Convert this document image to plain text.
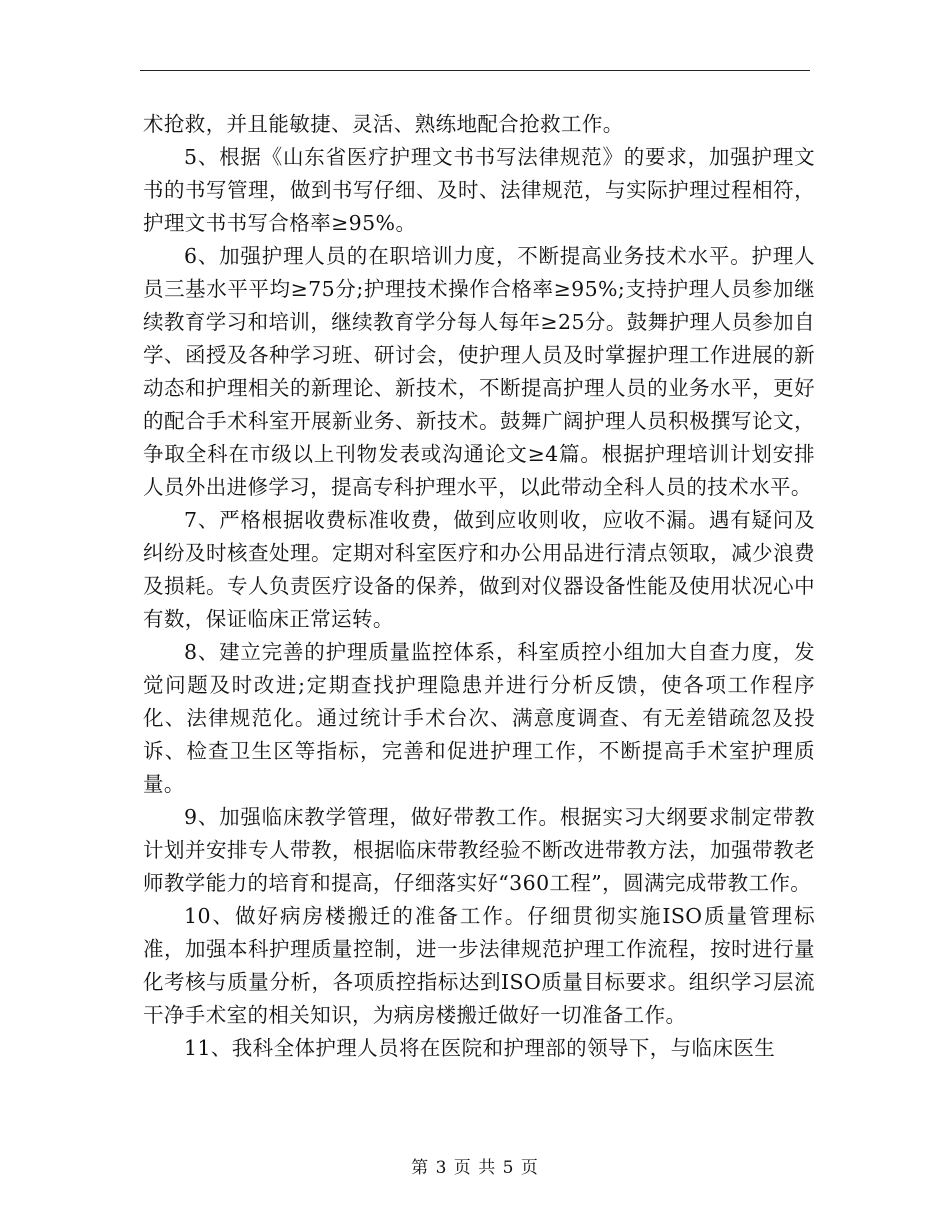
术抢救，并且能敏捷、灵活、熟练地配合抢救工作。

5、根据《山东省医疗护理文书书写法律规范》的要求，加强护理文书的书写管理，做到书写仔细、及时、法律规范，与实际护理过程相符，护理文书书写合格率≥95%。

6、加强护理人员的在职培训力度，不断提高业务技术水平。护理人员三基水平平均≥75分;护理技术操作合格率≥95%;支持护理人员参加继续教育学习和培训，继续教育学分每人每年≥25分。鼓舞护理人员参加自学、函授及各种学习班、研讨会，使护理人员及时掌握护理工作进展的新动态和护理相关的新理论、新技术，不断提高护理人员的业务水平，更好的配合手术科室开展新业务、新技术。鼓舞广阔护理人员积极撰写论文，争取全科在市级以上刊物发表或沟通论文≥4篇。根据护理培训计划安排人员外出进修学习，提高专科护理水平，以此带动全科人员的技术水平。

7、严格根据收费标准收费，做到应收则收，应收不漏。遇有疑问及纠纷及时核查处理。定期对科室医疗和办公用品进行清点领取，减少浪费及损耗。专人负责医疗设备的保养，做到对仪器设备性能及使用状况心中有数，保证临床正常运转。

8、建立完善的护理质量监控体系，科室质控小组加大自查力度，发觉问题及时改进;定期查找护理隐患并进行分析反馈，使各项工作程序化、法律规范化。通过统计手术台次、满意度调查、有无差错疏忽及投诉、检查卫生区等指标，完善和促进护理工作，不断提高手术室护理质量。

9、加强临床教学管理，做好带教工作。根据实习大纲要求制定带教计划并安排专人带教，根据临床带教经验不断改进带教方法，加强带教老师教学能力的培育和提高，仔细落实好“360工程”，圆满完成带教工作。

10、做好病房楼搬迁的准备工作。仔细贯彻实施ISO质量管理标准，加强本科护理质量控制，进一步法律规范护理工作流程，按时进行量化考核与质量分析，各项质控指标达到ISO质量目标要求。组织学习层流干净手术室的相关知识，为病房楼搬迁做好一切准备工作。

11、我科全体护理人员将在医院和护理部的领导下，与临床医生

第 3 页 共 5 页
